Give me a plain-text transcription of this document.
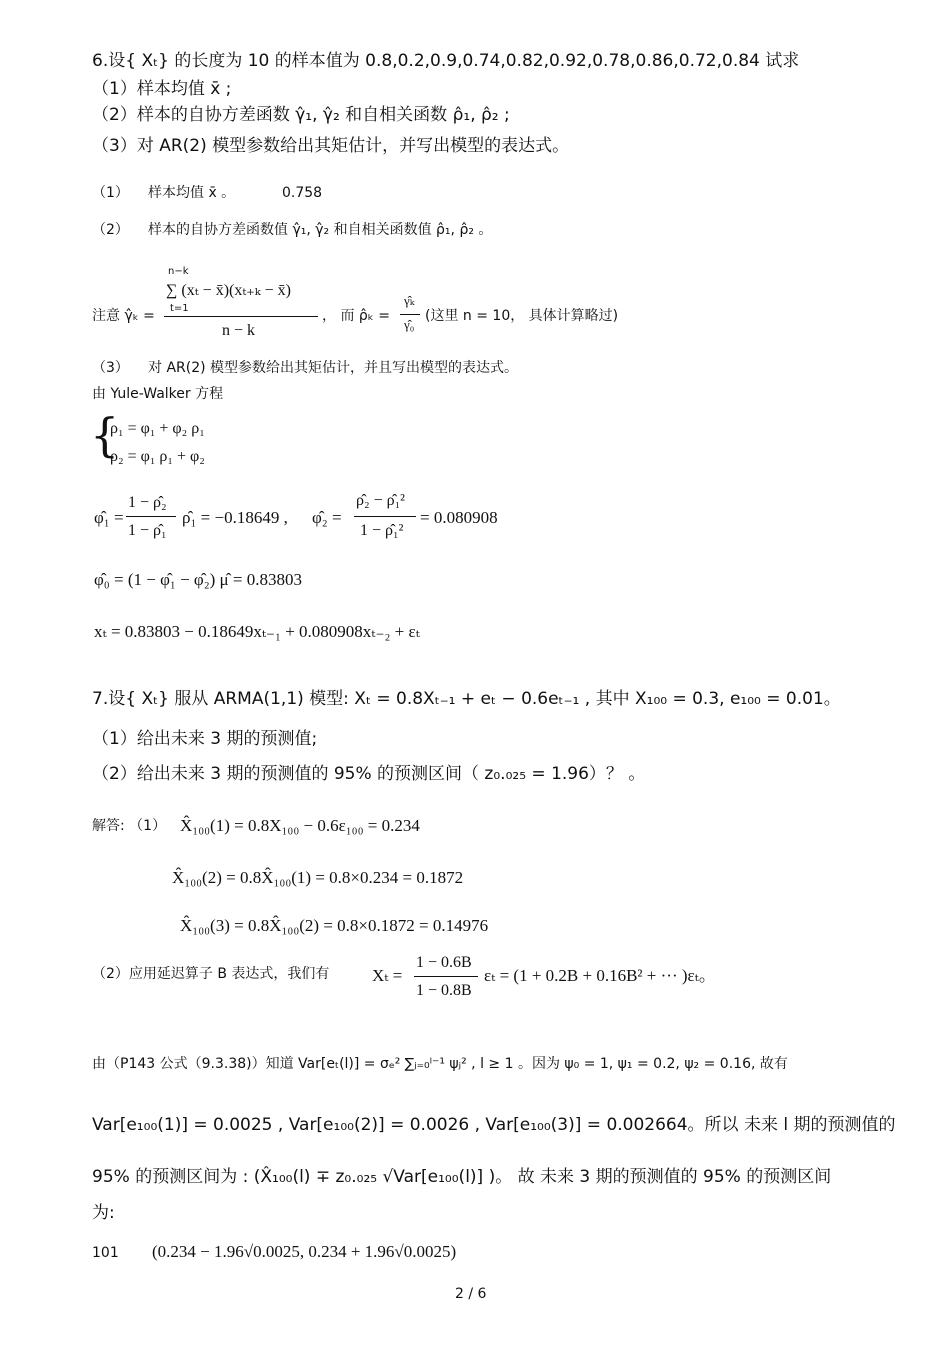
6.设{ Xₜ} 的长度为 10 的样本值为 0.8,0.2,0.9,0.74,0.82,0.92,0.78,0.86,0.72,0.84 试求
（1）样本均值 x̄ ;
（2）样本的自协方差函数 γ̂₁, γ̂₂ 和自相关函数 ρ̂₁, ρ̂₂ ;
（3）对 AR(2) 模型参数给出其矩估计，并写出模型的表达式。
（1） 样本均值 x̄ 。	0.758
（2） 样本的自协方差函数值 γ̂₁, γ̂₂ 和自相关函数值 ρ̂₁, ρ̂₂ 。
注意 γ̂ₖ =
n−k
∑ (xₜ − x̄)(xₜ₊ₖ − x̄)
t=1
n − k
， 而 ρ̂ₖ =
γ̂ₖ
γ̂₀
(这里 n = 10， 具体计算略过)
（3） 对 AR(2) 模型参数给出其矩估计，并且写出模型的表达式。
由 Yule-Walker 方程
{
ρ₁ = φ₁ + φ₂ ρ₁
ρ₂ = φ₁ ρ₁ + φ₂
φ̂₁ =
1 − ρ̂₂
1 − ρ̂₁
ρ̂₁ = −0.18649 , φ̂₂ =
ρ̂₂ − ρ̂₁²
1 − ρ̂₁²
= 0.080908
φ̂₀ = (1 − φ̂₁ − φ̂₂) μ̂ = 0.83803
xₜ = 0.83803 − 0.18649xₜ₋₁ + 0.080908xₜ₋₂ + εₜ
7.设{ Xₜ} 服从 ARMA(1,1) 模型: Xₜ = 0.8Xₜ₋₁ + eₜ − 0.6eₜ₋₁ , 其中 X₁₀₀ = 0.3, e₁₀₀ = 0.01。
（1）给出未来 3 期的预测值;
（2）给出未来 3 期的预测值的 95% 的预测区间（ z₀.₀₂₅ = 1.96）？ 。
解答: （1） X̂₁₀₀(1) = 0.8X₁₀₀ − 0.6ε₁₀₀ = 0.234
X̂₁₀₀(2) = 0.8X̂₁₀₀(1) = 0.8×0.234 = 0.1872
X̂₁₀₀(3) = 0.8X̂₁₀₀(2) = 0.8×0.1872 = 0.14976
（2）应用延迟算子 B 表达式，我们有	Xₜ =
1 − 0.6B
1 − 0.8B
εₜ = (1 + 0.2B + 0.16B² + ··· )εₜ。
由（P143 公式（9.3.38)）知道 Var[eₜ(l)] = σₑ² ∑ⱼ₌₀ˡ⁻¹ ψⱼ² , l ≥ 1 。因为 ψ₀ = 1, ψ₁ = 0.2, ψ₂ = 0.16, 故有
Var[e₁₀₀(1)] = 0.0025 , Var[e₁₀₀(2)] = 0.0026 , Var[e₁₀₀(3)] = 0.002664。所以 未来 l 期的预测值的
95% 的预测区间为 : (X̂₁₀₀(l) ∓ z₀.₀₂₅ √Var[e₁₀₀(l)] )。 故 未来 3 期的预测值的 95% 的预测区间
为:
101 (0.234 − 1.96√0.0025, 0.234 + 1.96√0.0025)
2 / 6
